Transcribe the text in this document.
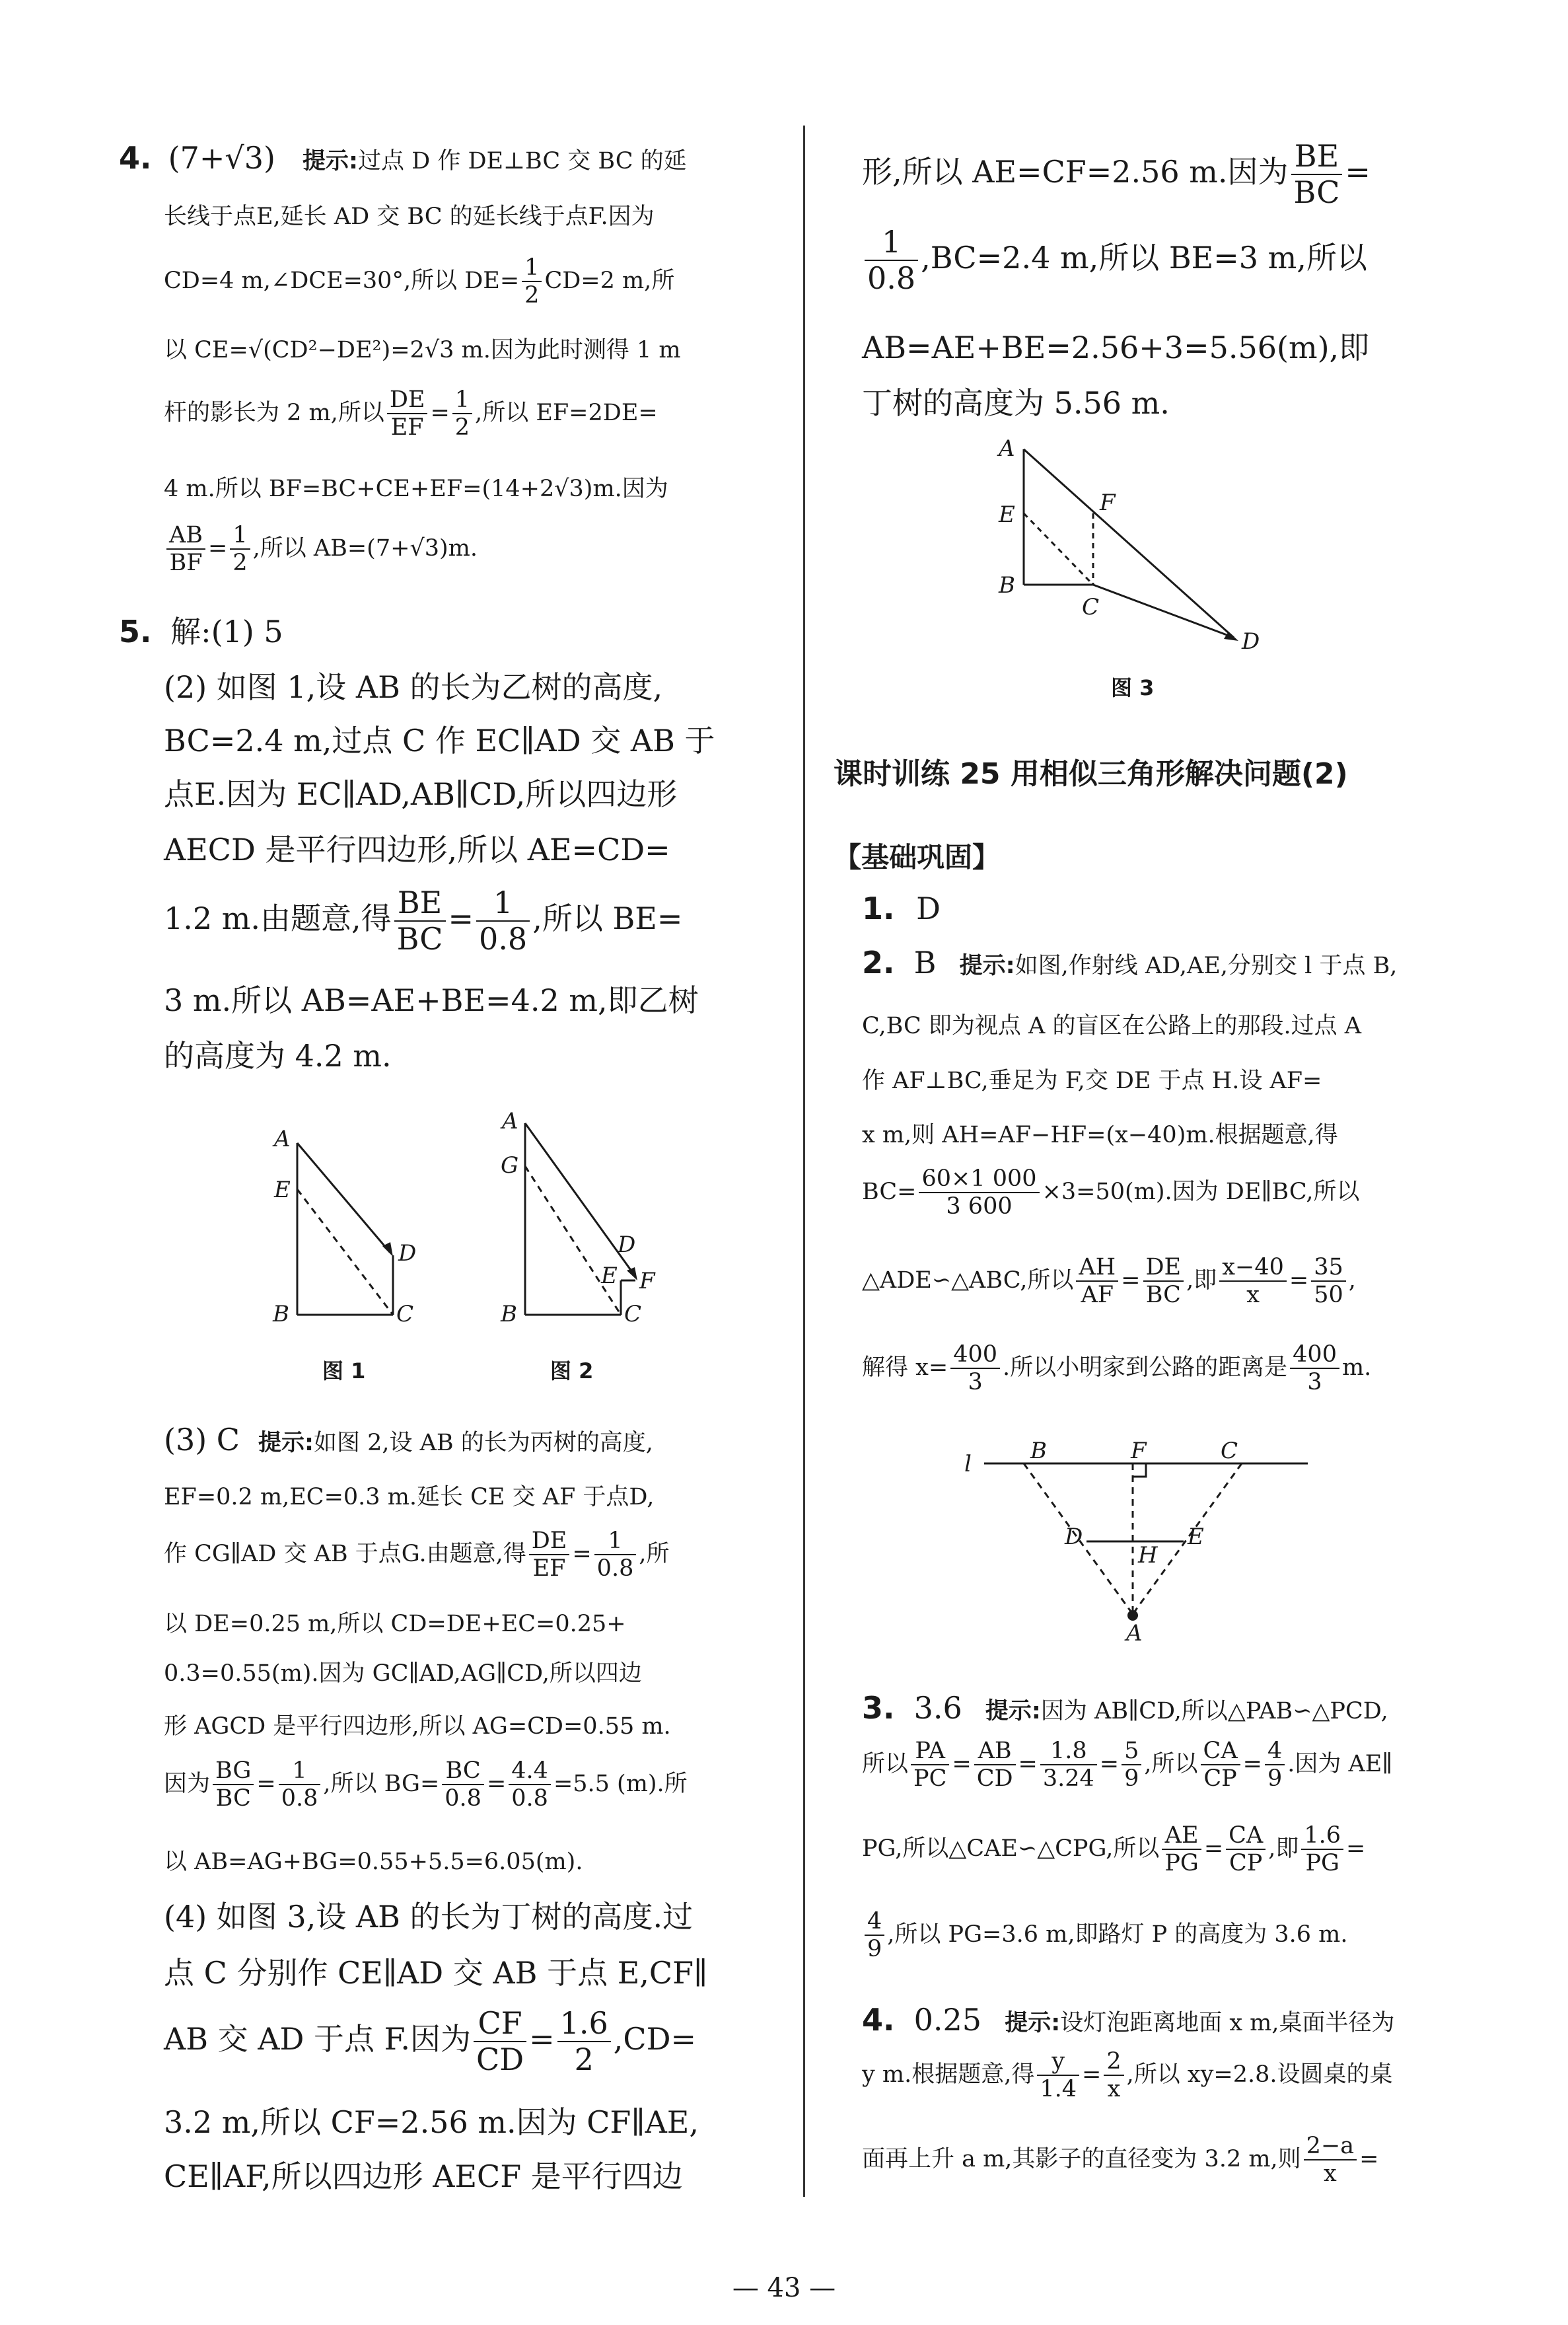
4. (7+√3) 提示:过点 D 作 DE⊥BC 交 BC 的延
长线于点E,延长 AD 交 BC 的延长线于点F.因为
CD=4 m,∠DCE=30°,所以 $DE= \frac{1}{2} CD=2$ m,所
以 CE=√(CD²−DE²)=2√3 m.因为此时测得 1 m
杆的影长为 2 m,所以 $\frac{DE}{EF} = \frac{1}{2}$ ,所以 EF=2DE=
4 m.所以 BF=BC+CE+EF=(14+2√3)m.因为
$\frac{AB}{BF} = \frac{1}{2}$ ,所以 AB=(7+√3)m.
5. 解:(1) 5
(2) 如图 1,设 AB 的长为乙树的高度,
BC=2.4 m,过点 C 作 EC∥AD 交 AB 于
点E.因为 EC∥AD,AB∥CD,所以四边形
AECD 是平行四边形,所以 AE=CD=
1.2 m.由题意,得 $\frac{BE}{BC} = \frac{1}{0.8}$ ,所以 BE=
3 m.所以 AB=AE+BE=4.2 m,即乙树
的高度为 4.2 m.
A
E
D
B	C
A
G
D
E F
B	C
图 1	图 2
(3) C 提示:如图 2,设 AB 的长为丙树的高度,
EF=0.2 m,EC=0.3 m.延长 CE 交 AF 于点D,
作 CG∥AD 交 AB 于点G.由题意,得 $\frac{DE}{EF} = \frac{1}{0.8}$ ,所
以 DE=0.25 m,所以 CD=DE+EC=0.25+
0.3=0.55(m).因为 GC∥AD,AG∥CD,所以四边
形 AGCD 是平行四边形,所以 AG=CD=0.55 m.
因为 $\frac{BG}{BC} = \frac{1}{0.8}$ ,所以 $BG= \frac{BC}{0.8} = \frac{4.4}{0.8} =5.5$ (m).所
以 AB=AG+BG=0.55+5.5=6.05(m).
(4) 如图 3,设 AB 的长为丁树的高度.过
点 C 分别作 CE∥AD 交 AB 于点 E,CF∥
AB 交 AD 于点 F.因为 $\frac{CF}{CD} = \frac{1.6}{2} ,CD=$
3.2 m,所以 CF=2.56 m.因为 CF∥AE,
CE∥AF,所以四边形 AECF 是平行四边
形,所以 AE=CF=2.56 m.因为 $\frac{BE}{BC}$ =
$\frac{1}{0.8} ,BC=2.4$ m,所以 BE=3 m,所以
AB=AE+BE=2.56+3=5.56(m),即
丁树的高度为 5.56 m.
A
F
E
B
C
D
图 3
课时训练 25 用相似三角形解决问题(2)
【基础巩固】
1. D
2. B 提示:如图,作射线 AD,AE,分别交 l 于点 B,
C,BC 即为视点 A 的盲区在公路上的那段.过点 A
作 AF⊥BC,垂足为 F,交 DE 于点 H.设 AF=
x m,则 AH=AF−HF=(x−40)m.根据题意,得
$BC= \frac{60\times 1 000}{3 600} \times 3=50(m)$.因为 DE∥BC,所以
△ADE∽△ABC,所以 $\frac{AH}{AF} = \frac{DE}{BC}$ ,即 $\frac{x-40}{x} = \frac{35}{50}$ ,
解得 $x= \frac{400}{3}$ .所以小明家到公路的距离是 $\frac{400}{3} m$.
l	B	F	C
D
H
E
A
3. 3.6 提示:因为 AB∥CD,所以△PAB∽△PCD,
所以 $\frac{PA}{PC} = \frac{AB}{CD} = \frac{1.8}{3.24} = \frac{5}{9}$ ,所以 $\frac{CA}{CP} = \frac{4}{9}$ .因为 AE∥
PG,所以△CAE∽△CPG,所以 $\frac{AE}{PG} = \frac{CA}{CP}$ ,即 $\frac{1.6}{PG}$ =
$\frac{4}{9}$ ,所以 PG=3.6 m,即路灯 P 的高度为 3.6 m.
4. 0.25 提示:设灯泡距离地面 x m,桌面半径为
y m.根据题意,得 $\frac{y}{1.4} = \frac{2}{x}$ ,所以 xy=2.8.设圆桌的桌
面再上升 a m,其影子的直径变为 3.2 m,则 $\frac{2-a}{x}$ =
— 43 —
